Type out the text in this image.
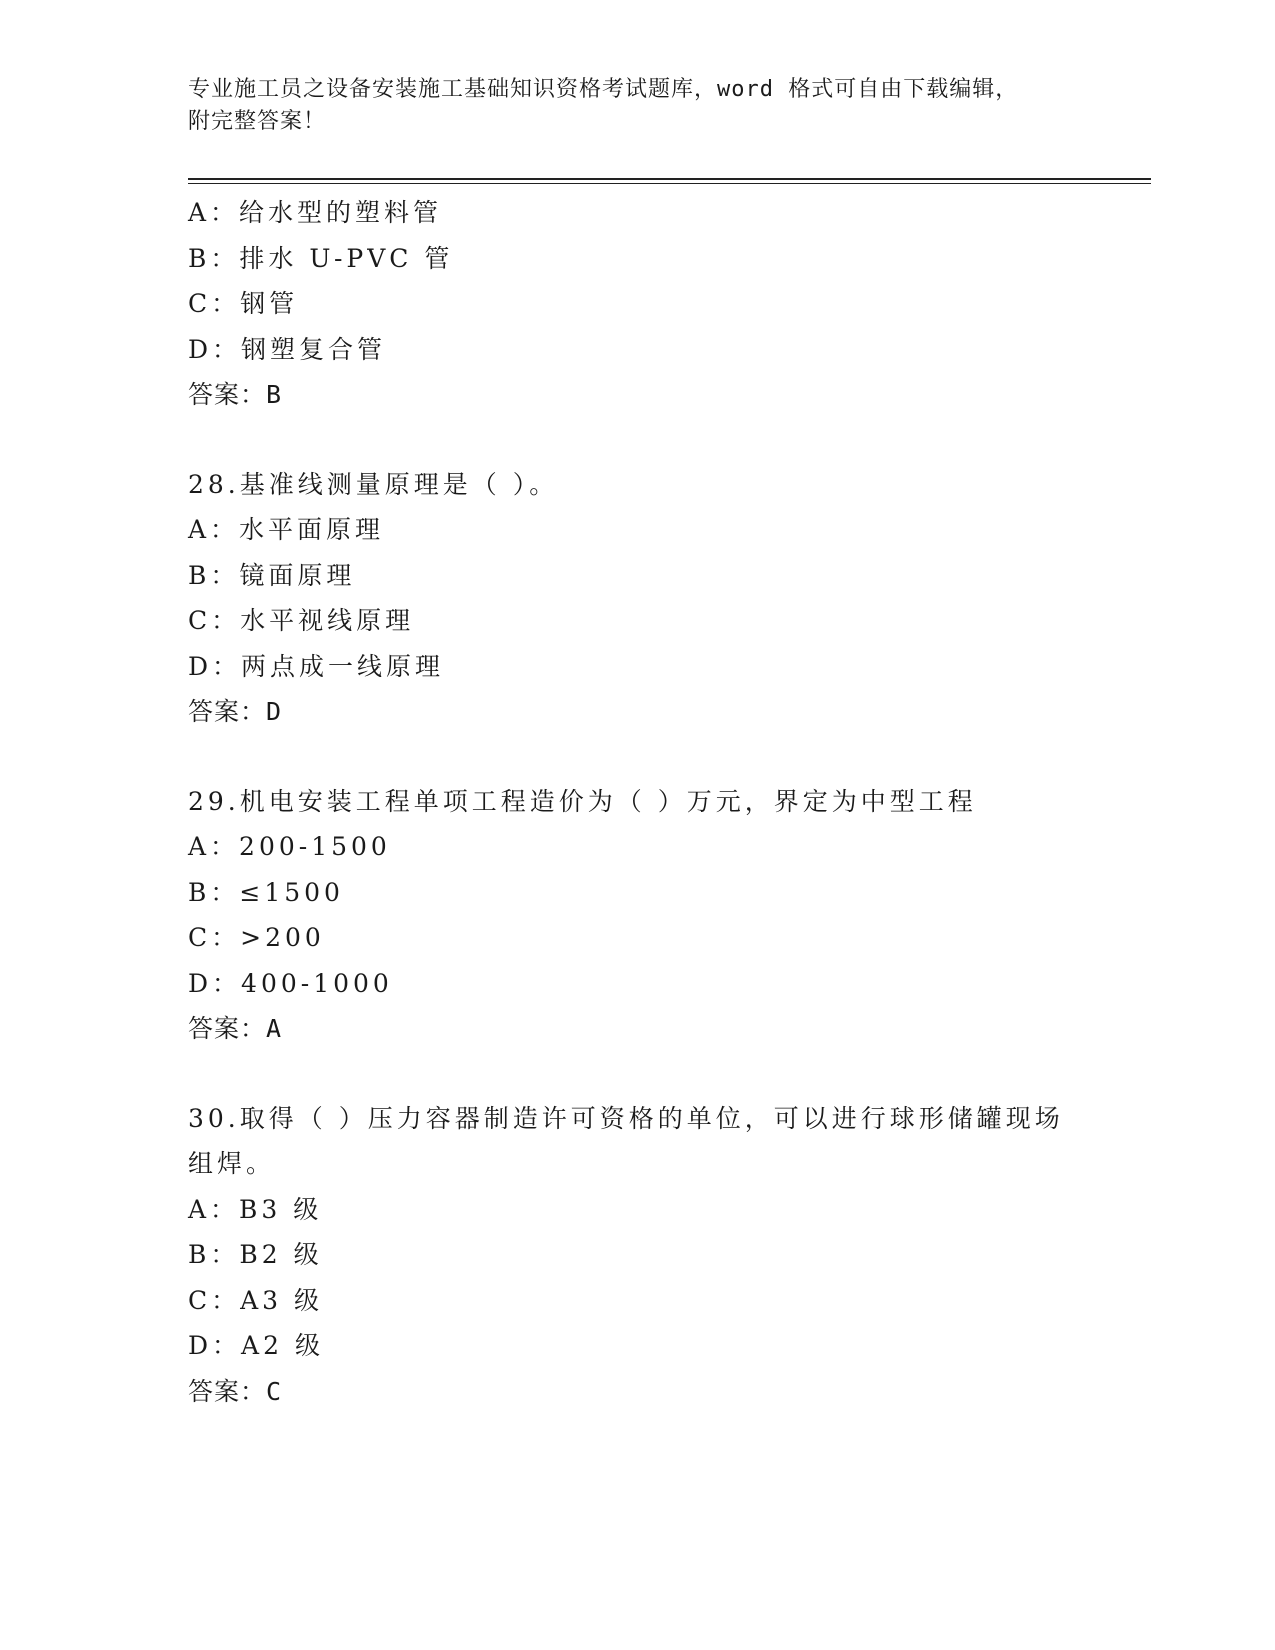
专业施工员之设备安装施工基础知识资格考试题库，word 格式可自由下载编辑，
附完整答案！
A：给水型的塑料管
B：排水 U-PVC 管
C：钢管
D：钢塑复合管
答案：B
28.基准线测量原理是（ ）。
A：水平面原理
B：镜面原理
C：水平视线原理
D：两点成一线原理
答案：D
29.机电安装工程单项工程造价为（ ）万元，界定为中型工程
A：200-1500
B：≤1500
C：>200
D：400-1000
答案：A
30.取得（ ）压力容器制造许可资格的单位，可以进行球形储罐现场
组焊。
A：B3 级
B：B2 级
C：A3 级
D：A2 级
答案：C
